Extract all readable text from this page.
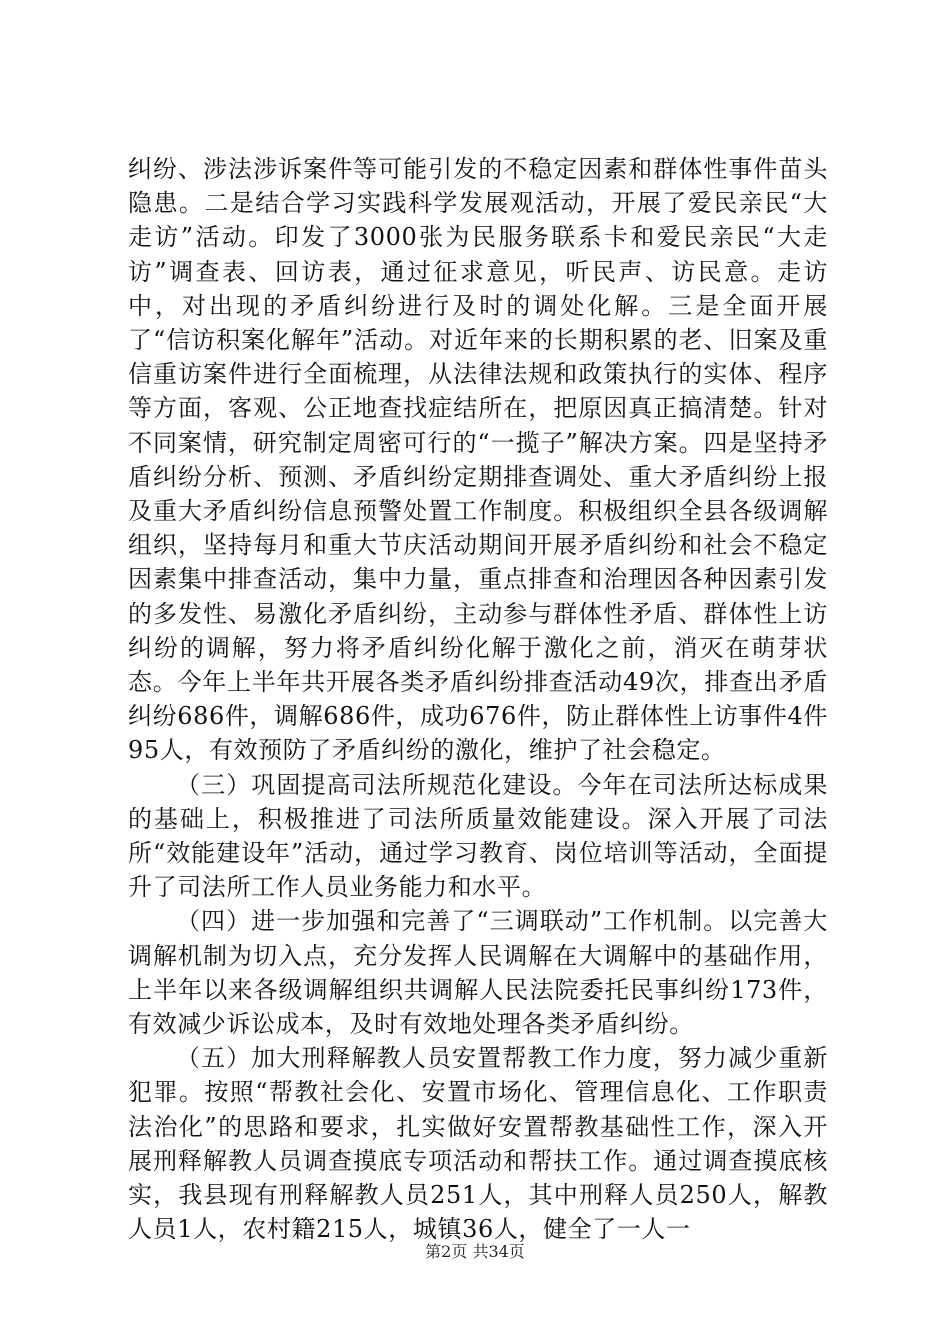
纠纷、涉法涉诉案件等可能引发的不稳定因素和群体性事件苗头隐患。二是结合学习实践科学发展观活动，开展了爱民亲民“大走访”活动。印发了3000张为民服务联系卡和爱民亲民“大走访”调查表、回访表，通过征求意见，听民声、访民意。走访中，对出现的矛盾纠纷进行及时的调处化解。三是全面开展了“信访积案化解年”活动。对近年来的长期积累的老、旧案及重信重访案件进行全面梳理，从法律法规和政策执行的实体、程序等方面，客观、公正地查找症结所在，把原因真正搞清楚。针对不同案情，研究制定周密可行的“一揽子”解决方案。四是坚持矛盾纠纷分析、预测、矛盾纠纷定期排查调处、重大矛盾纠纷上报及重大矛盾纠纷信息预警处置工作制度。积极组织全县各级调解组织，坚持每月和重大节庆活动期间开展矛盾纠纷和社会不稳定因素集中排查活动，集中力量，重点排查和治理因各种因素引发的多发性、易激化矛盾纠纷，主动参与群体性矛盾、群体性上访纠纷的调解，努力将矛盾纠纷化解于激化之前，消灭在萌芽状态。今年上半年共开展各类矛盾纠纷排查活动49次，排查出矛盾纠纷686件，调解686件，成功676件，防止群体性上访事件4件95人，有效预防了矛盾纠纷的激化，维护了社会稳定。

（三）巩固提高司法所规范化建设。今年在司法所达标成果的基础上，积极推进了司法所质量效能建设。深入开展了司法所“效能建设年”活动，通过学习教育、岗位培训等活动，全面提升了司法所工作人员业务能力和水平。

（四）进一步加强和完善了“三调联动”工作机制。以完善大调解机制为切入点，充分发挥人民调解在大调解中的基础作用，上半年以来各级调解组织共调解人民法院委托民事纠纷173件，有效减少诉讼成本，及时有效地处理各类矛盾纠纷。

（五）加大刑释解教人员安置帮教工作力度，努力减少重新犯罪。按照“帮教社会化、安置市场化、管理信息化、工作职责法治化”的思路和要求，扎实做好安置帮教基础性工作，深入开展刑释解教人员调查摸底专项活动和帮扶工作。通过调查摸底核实，我县现有刑释解教人员251人，其中刑释人员250人，解教人员1人，农村籍215人，城镇36人，健全了一人一

第2页 共34页
